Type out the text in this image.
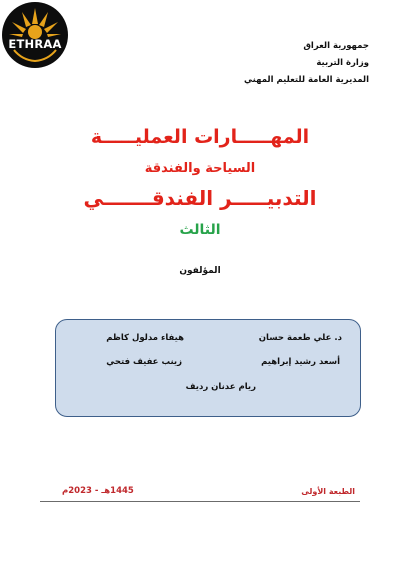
ETHRAA	جمهورية العراق
وزارة التربية
المديرية العامة للتعليم المهني
المهـــــارات العمليـــــة
السياحة والفندقة
التدبيـــــر الفندقـــــــي
الثالث
المؤلفون
د. علي طعمة حسان
هيفاء مدلول كاظم
أسعد رشيد إبراهيم
زينب عفيف فتحي
ريام عدنان رديف
الطبعة الأولى
1445هـ - 2023م
